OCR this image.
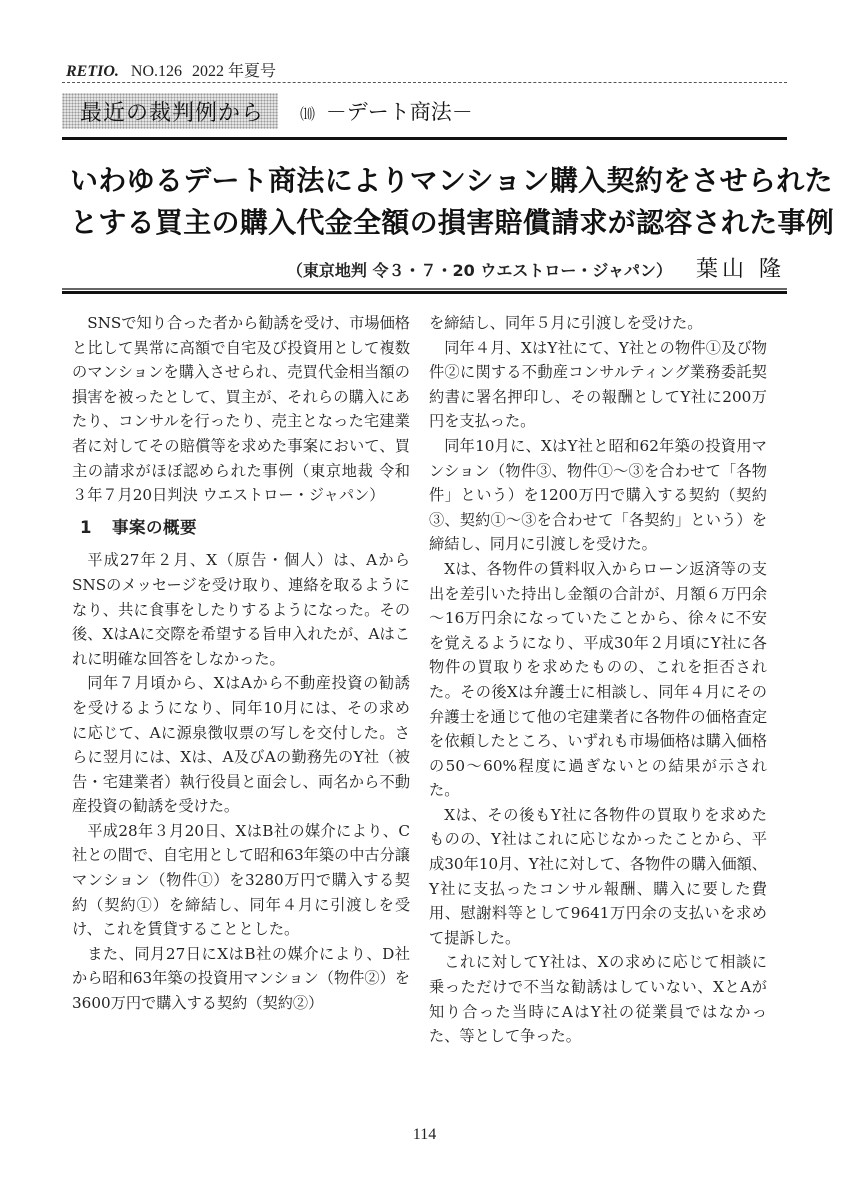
RETIO. NO.126 2022 年夏号
最近の裁判例から ⑽ －デート商法－
いわゆるデート商法によりマンション購入契約をさせられた
とする買主の購入代金全額の損害賠償請求が認容された事例
（東京地判 令３・７・20 ウエストロー・ジャパン） 葉山 隆

SNSで知り合った者から勧誘を受け、市場価格と比して異常に高額で自宅及び投資用として複数のマンションを購入させられ、売買代金相当額の損害を被ったとして、買主が、それらの購入にあたり、コンサルを行ったり、売主となった宅建業者に対してその賠償等を求めた事案において、買主の請求がほぼ認められた事例（東京地裁 令和３年７月20日判決 ウエストロー・ジャパン）

1 事案の概要

平成27年２月、X（原告・個人）は、Aから SNSのメッセージを受け取り、連絡を取るようになり、共に食事をしたりするようになった。その後、XはAに交際を希望する旨申入れたが、Aはこれに明確な回答をしなかった。

同年７月頃から、XはAから不動産投資の勧誘を受けるようになり、同年10月には、その求めに応じて、Aに源泉徴収票の写しを交付した。さらに翌月には、Xは、A及びAの勤務先のY社（被告・宅建業者）執行役員と面会し、両名から不動産投資の勧誘を受けた。

平成28年３月20日、XはB社の媒介により、C社との間で、自宅用として昭和63年築の中古分譲マンション（物件①）を3280万円で購入する契約（契約①）を締結し、同年４月に引渡しを受け、これを賃貸することとした。

また、同月27日にXはB社の媒介により、D社から昭和63年築の投資用マンション（物件②）を3600万円で購入する契約（契約②）

を締結し、同年５月に引渡しを受けた。

同年４月、XはY社にて、Y社との物件①及び物件②に関する不動産コンサルティング業務委託契約書に署名押印し、その報酬としてY社に200万円を支払った。

同年10月に、XはY社と昭和62年築の投資用マンション（物件③、物件①～③を合わせて「各物件」という）を1200万円で購入する契約（契約③、契約①～③を合わせて「各契約」という）を締結し、同月に引渡しを受けた。

Xは、各物件の賃料収入からローン返済等の支出を差引いた持出し金額の合計が、月額６万円余～16万円余になっていたことから、徐々に不安を覚えるようになり、平成30年２月頃にY社に各物件の買取りを求めたものの、これを拒否された。その後Xは弁護士に相談し、同年４月にその弁護士を通じて他の宅建業者に各物件の価格査定を依頼したところ、いずれも市場価格は購入価格の50～60%程度に過ぎないとの結果が示された。

Xは、その後もY社に各物件の買取りを求めたものの、Y社はこれに応じなかったことから、平成30年10月、Y社に対して、各物件の購入価額、Y社に支払ったコンサル報酬、購入に要した費用、慰謝料等として9641万円余の支払いを求めて提訴した。

これに対してY社は、Xの求めに応じて相談に乗っただけで不当な勧誘はしていない、XとAが知り合った当時にAはY社の従業員ではなかった、等として争った。

114
